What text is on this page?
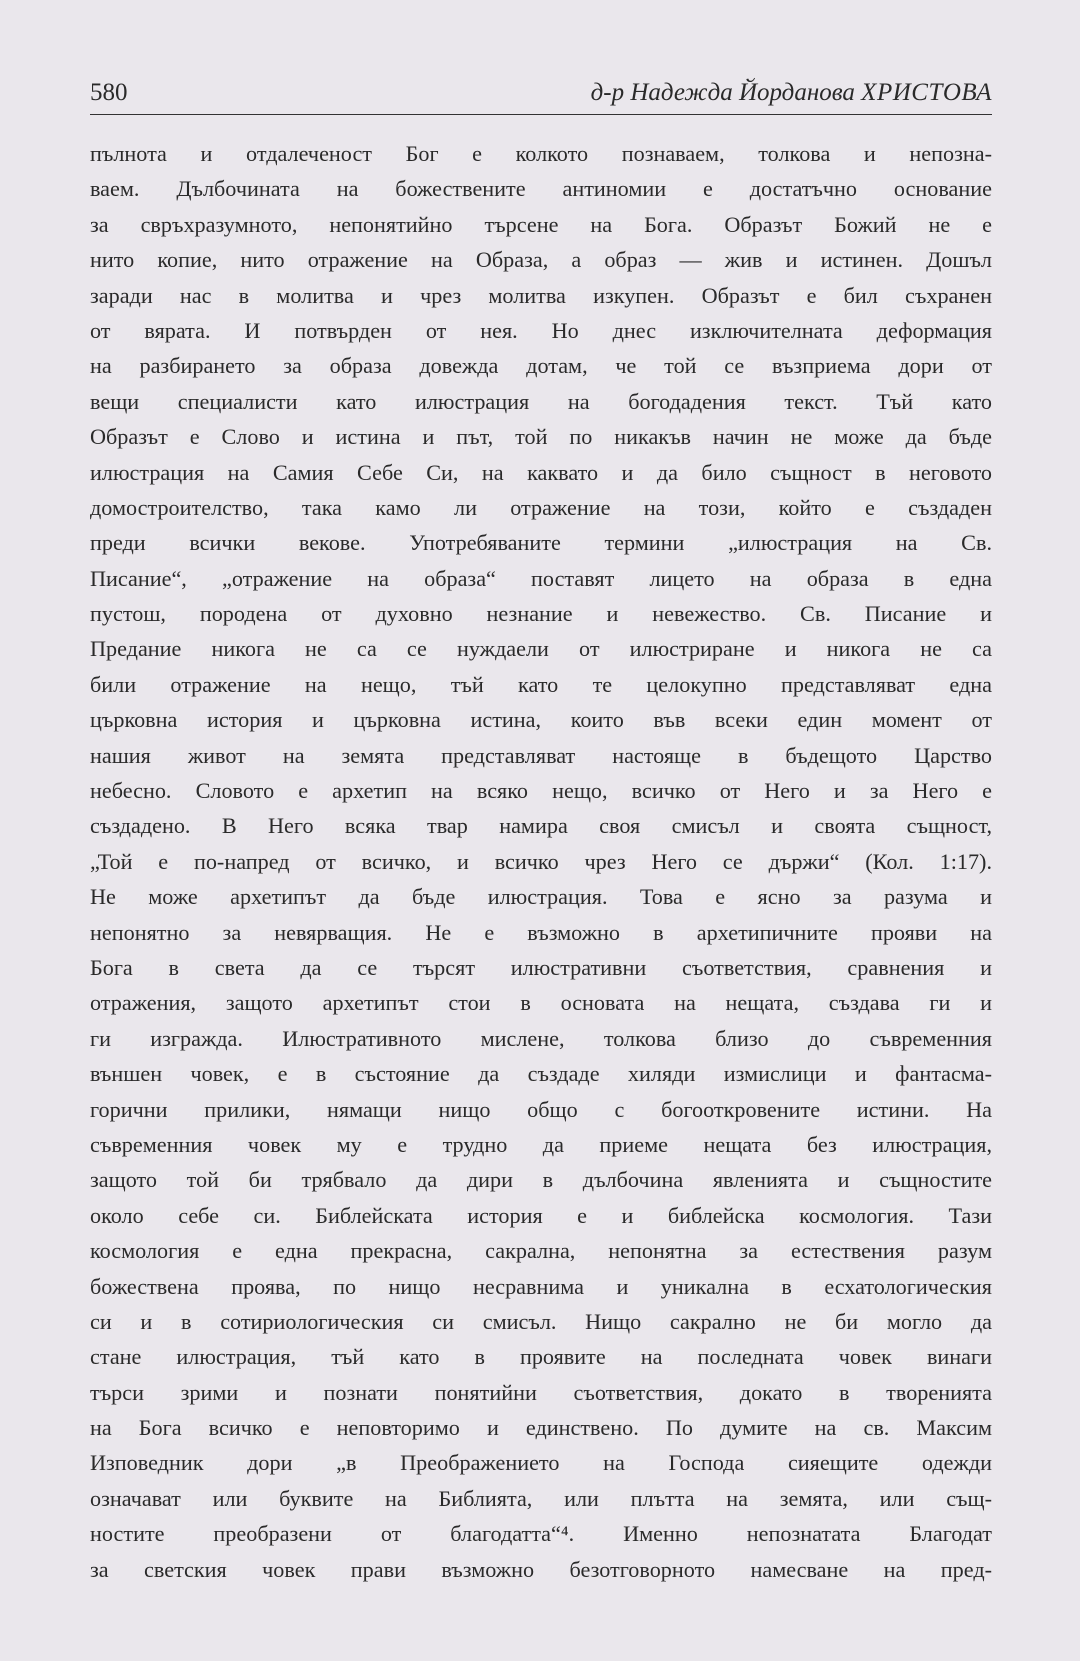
580	д-р Надежда Йорданова ХРИСТОВА
пълнота и отдалеченост Бог е колкото познаваем, толкова и непозна-
ваем. Дълбочината на божествените антиномии е достатъчно основание
за свръхразумното, непонятийно търсене на Бога. Образът Божий не е
нито копие, нито отражение на Образа, а образ — жив и истинен. Дошъл
заради нас в молитва и чрез молитва изкупен. Образът е бил съхранен
от вярата. И потвърден от нея. Но днес изключителната деформация
на разбирането за образа довежда дотам, че той се възприема дори от
вещи специалисти като илюстрация на богодадения текст. Тъй като
Образът е Слово и истина и път, той по никакъв начин не може да бъде
илюстрация на Самия Себе Си, на каквато и да било същност в неговото
домостроителство, така камо ли отражение на този, който е създаден
преди всички векове. Употребяваните термини „илюстрация на Св.
Писание“, „отражение на образа“ поставят лицето на образа в една
пустош, породена от духовно незнание и невежество. Св. Писание и
Предание никога не са се нуждаели от илюстриране и никога не са
били отражение на нещо, тъй като те целокупно представляват една
църковна история и църковна истина, които във всеки един момент от
нашия живот на земята представляват настояще в бъдещото Царство
небесно. Словото е архетип на всяко нещо, всичко от Него и за Него е
създадено. В Него всяка твар намира своя смисъл и своята същност,
„Той е по-напред от всичко, и всичко чрез Него се държи“ (Кол. 1:17).
Не може архетипът да бъде илюстрация. Това е ясно за разума и
непонятно за невярващия. Не е възможно в архетипичните прояви на
Бога в света да се търсят илюстративни съответствия, сравнения и
отражения, защото архетипът стои в основата на нещата, създава ги и
ги изгражда. Илюстративното мислене, толкова близо до съвременния
външен човек, е в състояние да създаде хиляди измислици и фантасма-
горични прилики, нямащи нищо общо с богооткровените истини. На
съвременния човек му е трудно да приеме нещата без илюстрация,
защото той би трябвало да дири в дълбочина явленията и същностите
около себе си. Библейската история е и библейска космология. Тази
космология е една прекрасна, сакрална, непонятна за естествения разум
божествена проява, по нищо несравнима и уникална в есхатологическия
си и в сотириологическия си смисъл. Нищо сакрално не би могло да
стане илюстрация, тъй като в проявите на последната човек винаги
търси зрими и познати понятийни съответствия, докато в творенията
на Бога всичко е неповторимо и единствено. По думите на св. Максим
Изповедник дори „в Преображението на Господа сияещите одежди
означават или буквите на Библията, или плътта на земята, или същ-
ностите преобразени от благодатта“⁴. Именно непознатата Благодат
за светския човек прави възможно безотговорното намесване на пред-
